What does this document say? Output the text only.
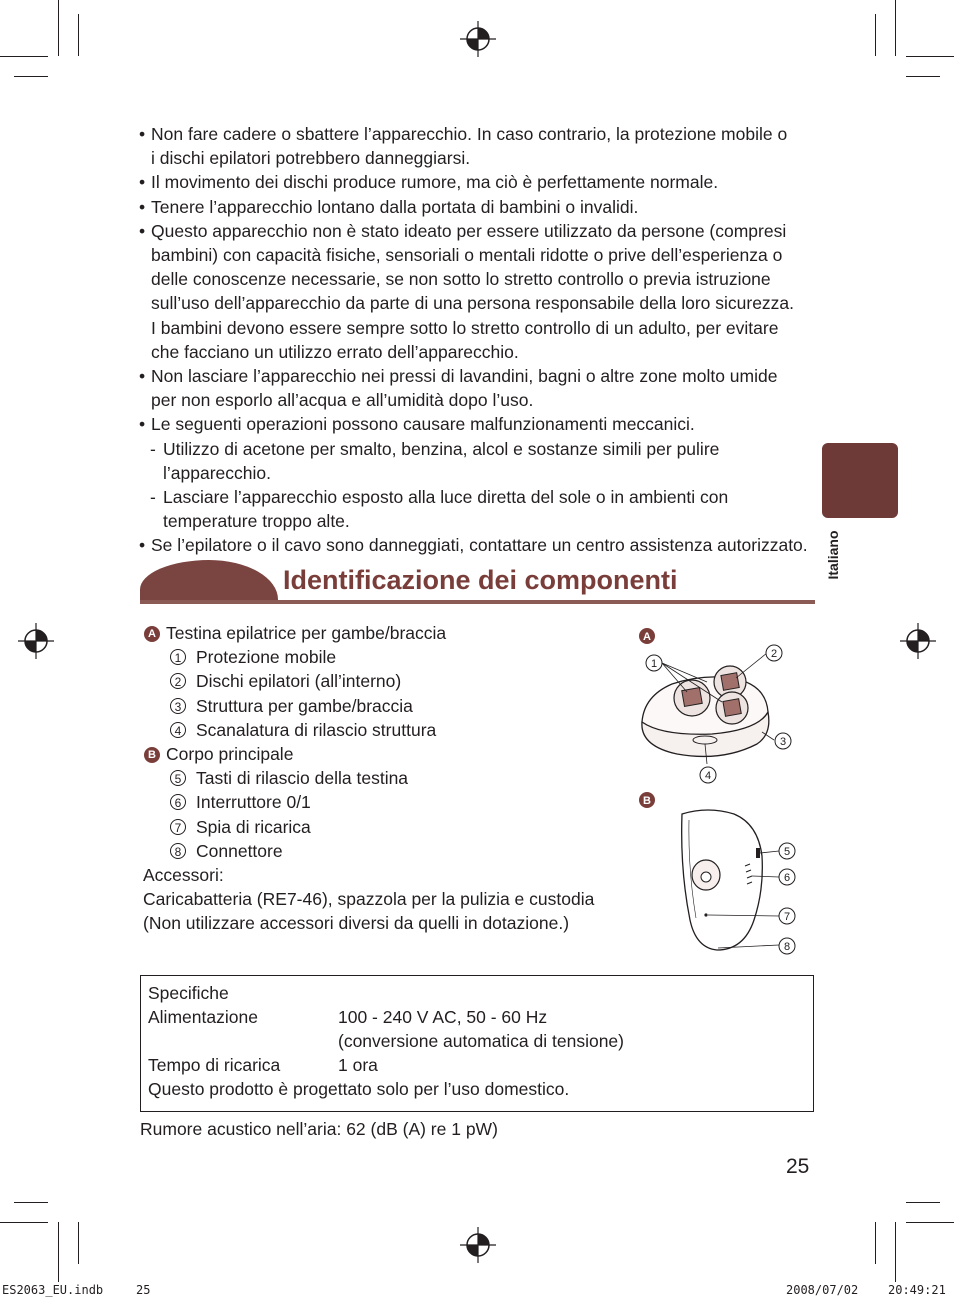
• Non fare cadere o sbattere l’apparecchio. In caso contrario, la protezione mobile o
i dischi epilatori potrebbero danneggiarsi.
• Il movimento dei dischi produce rumore, ma ciò è perfettamente normale.
• Tenere l’apparecchio lontano dalla portata di bambini o invalidi.
• Questo apparecchio non è stato ideato per essere utilizzato da persone (compresi
bambini) con capacità fisiche, sensoriali o mentali ridotte o prive dell’esperienza o
delle conoscenze necessarie, se non sotto lo stretto controllo o previa istruzione
sull’uso dell’apparecchio da parte di una persona responsabile della loro sicurezza.
I bambini devono essere sempre sotto lo stretto controllo di un adulto, per evitare
che facciano un utilizzo errato dell’apparecchio.
• Non lasciare l’apparecchio nei pressi di lavandini, bagni o altre zone molto umide
per non esporlo all’acqua e all’umidità dopo l’uso.
• Le seguenti operazioni possono causare malfunzionamenti meccanici.
- Utilizzo di acetone per smalto, benzina, alcol e sostanze simili per pulire
l’apparecchio.
- Lasciare l’apparecchio esposto alla luce diretta del sole o in ambienti con
temperature troppo alte.
• Se l’epilatore o il cavo sono danneggiati, contattare un centro assistenza autorizzato.	Italiano
Identificazione dei componenti
A Testina epilatrice per gambe/braccia
1 Protezione mobile
2 Dischi epilatori (all’interno)
3 Struttura per gambe/braccia
4 Scanalatura di rilascio struttura
B Corpo principale
5 Tasti di rilascio della testina
6 Interruttore 0/1
7 Spia di ricarica
8 Connettore
Accessori:
Caricabatteria (RE7-46), spazzola per la pulizia e custodia
(Non utilizzare accessori diversi da quelli in dotazione.)
A
1
2
3
4
B
5
6
7
8
Specifiche
Alimentazione	100 - 240 V AC, 50 - 60 Hz
(conversione automatica di tensione)
Tempo di ricarica	1 ora
Questo prodotto è progettato solo per l’uso domestico.
Rumore acustico nell’aria: 62 (dB (A) re 1 pW)
25
ES2063_EU.indb	25	2008/07/02 20:49:21
